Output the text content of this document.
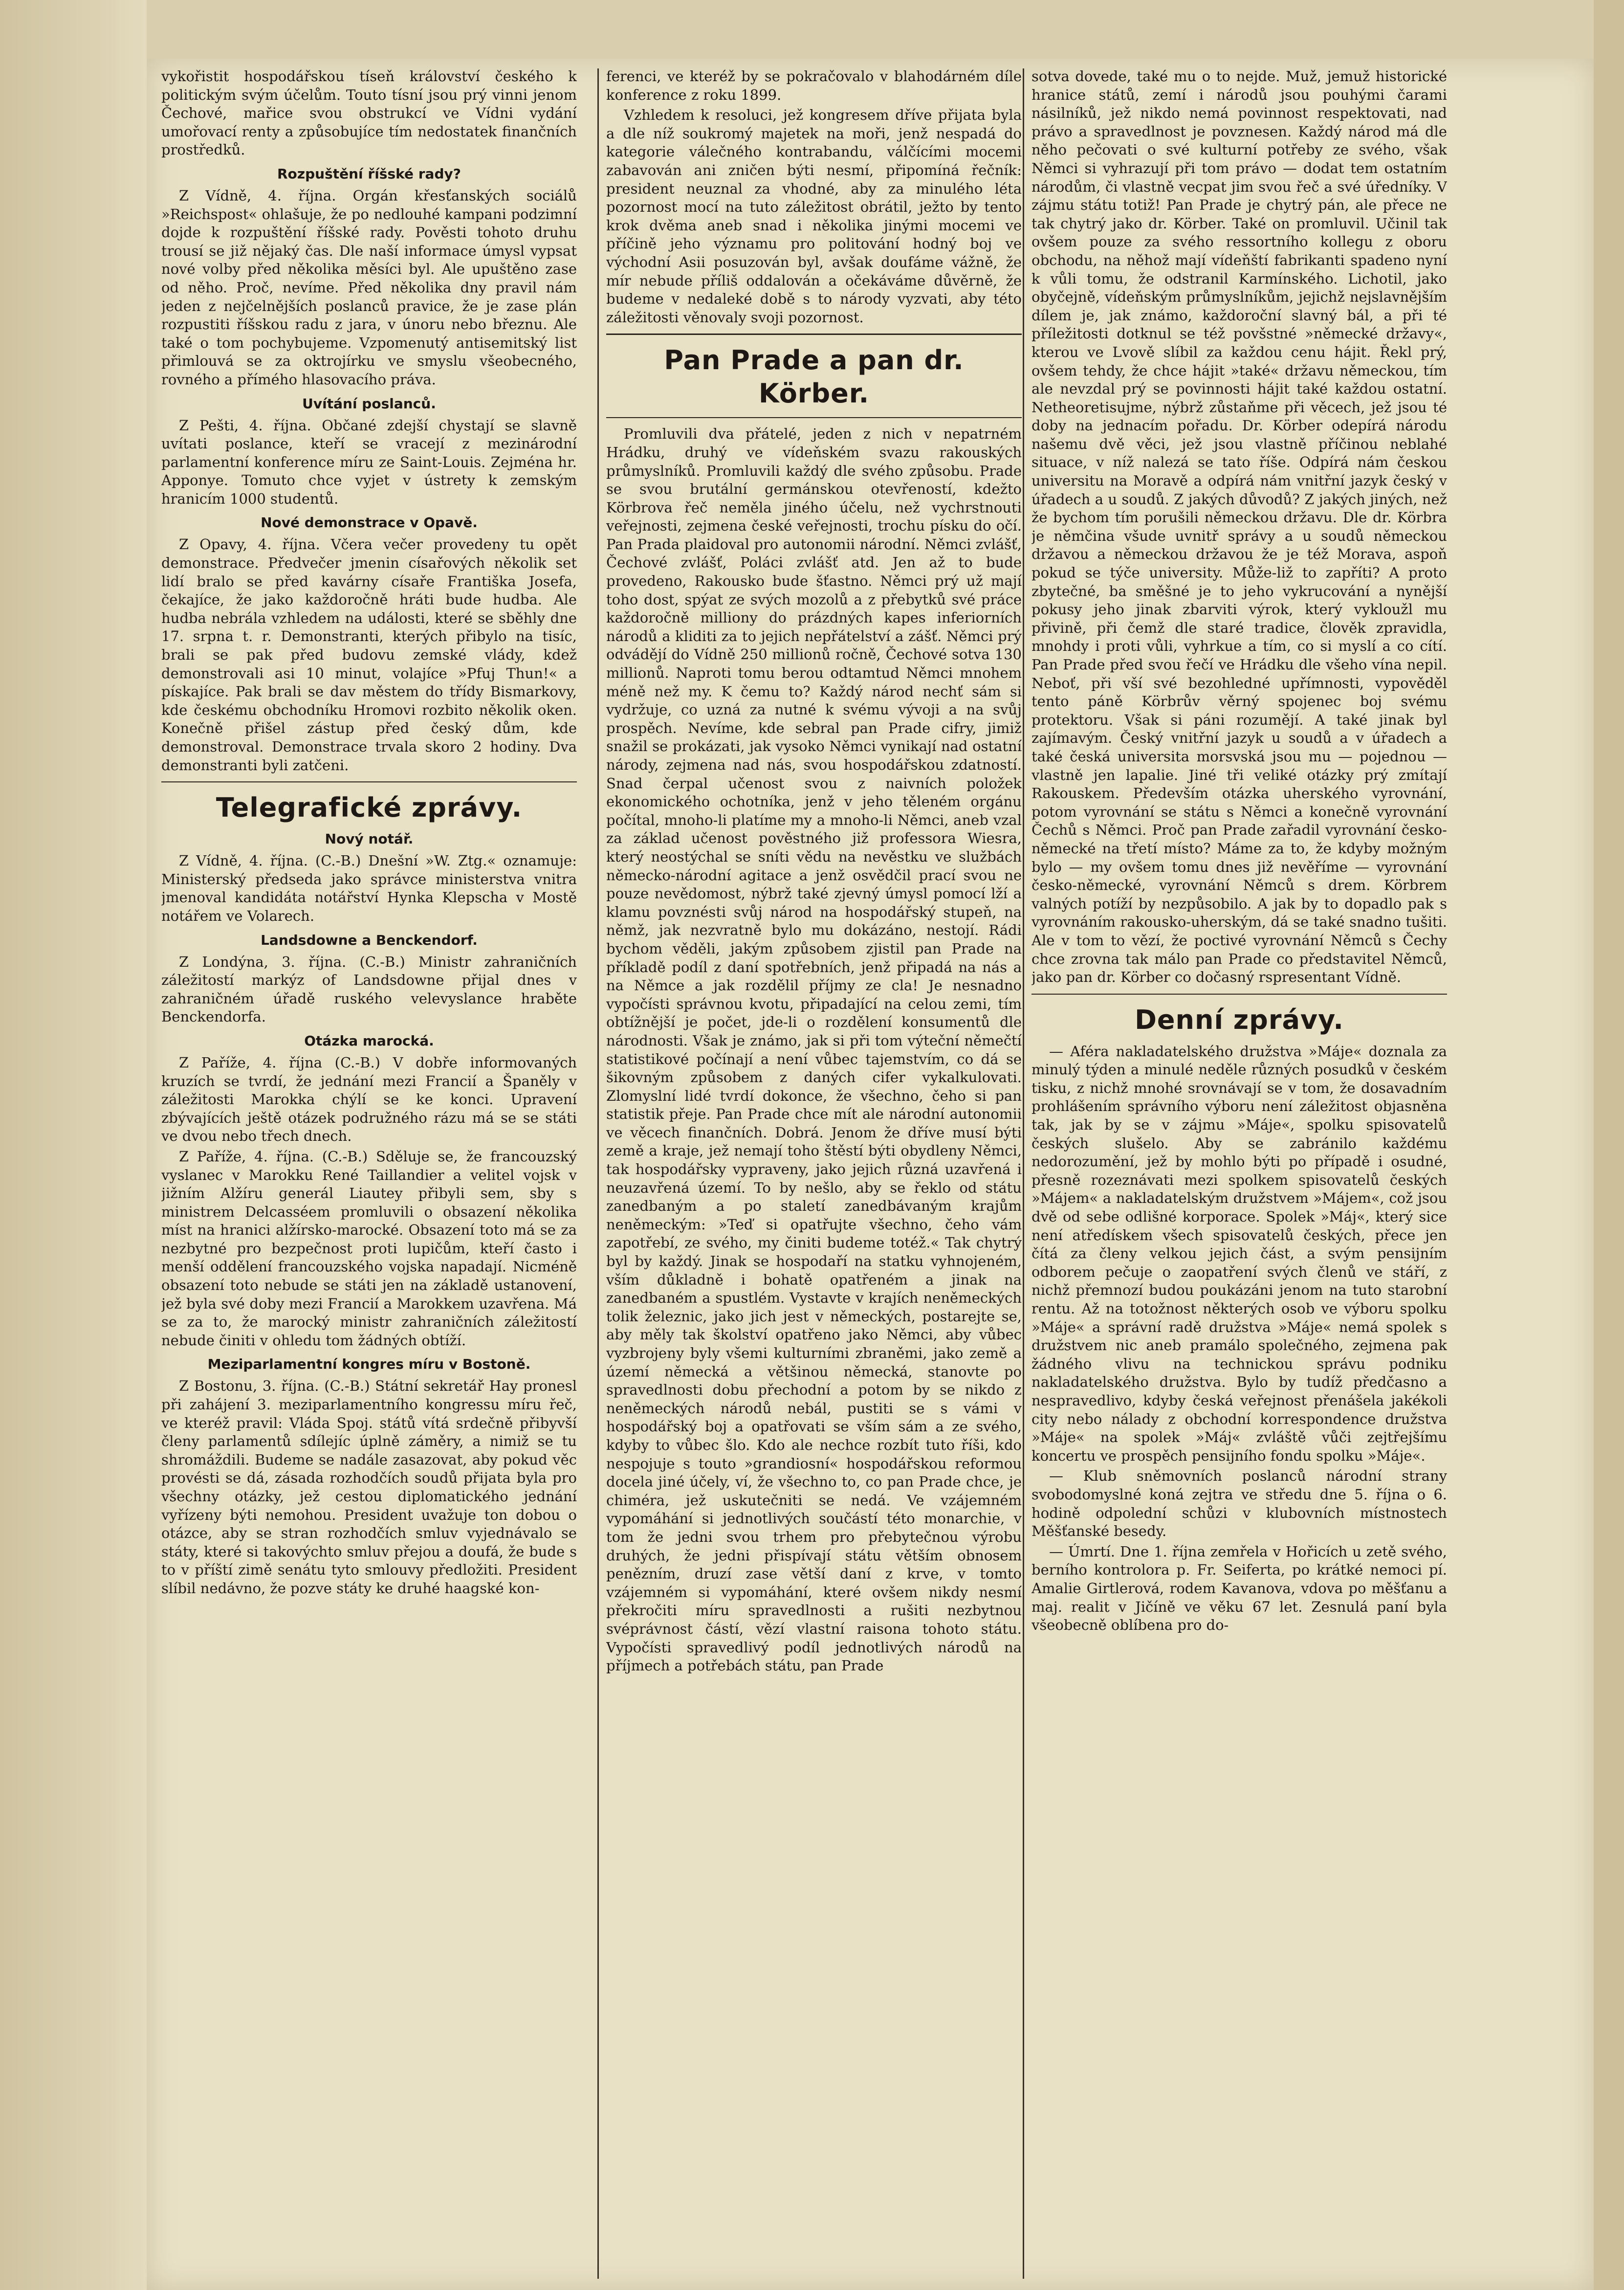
vykořistit hospodářskou tíseň království českého k politickým svým účelům. Touto tísní jsou prý vinni jenom Čechové, mařice svou obstrukcí ve Vídni vydání umořovací renty a způsobujíce tím nedostatek finančních prostředků.

Rozpuštění říšské rady?

Z Vídně, 4. října. Orgán křesťanských sociálů »Reichspost« ohlašuje, že po nedlouhé kampani podzimní dojde k rozpuštění říšské rady. Pověsti tohoto druhu trousí se již nějaký čas. Dle naší informace úmysl vypsat nové volby před několika měsíci byl. Ale upuštěno zase od něho. Proč, nevíme. Před několika dny pravil nám jeden z nejčelnějších poslanců pravice, že je zase plán rozpustiti říšskou radu z jara, v únoru nebo březnu. Ale také o tom pochybujeme. Vzpomenutý antisemitský list přimlouvá se za oktrojírku ve smyslu všeobecného, rovného a přímého hlasovacího práva.

Uvítání poslanců.

Z Pešti, 4. října. Občané zdejší chystají se slavně uvítati poslance, kteří se vracejí z mezinárodní parlamentní konference míru ze Saint-Louis. Zejména hr. Apponye. Tomuto chce vyjet v ústrety k zemským hranicím 1000 studentů.

Nové demonstrace v Opavě.

Z Opavy, 4. října. Včera večer provedeny tu opět demonstrace. Předvečer jmenin císařových několik set lidí bralo se před kavárny císaře Františka Josefa, čekajíce, že jako každoročně hráti bude hudba. Ale hudba nebrála vzhledem na události, které se sběhly dne 17. srpna t. r. Demonstranti, kterých přibylo na tisíc, brali se pak před budovu zemské vlády, kdež demonstrovali asi 10 minut, volajíce »Pfuj Thun!« a pískajíce. Pak brali se dav městem do třídy Bismarkovy, kde českému obchodníku Hromovi rozbito několik oken. Konečně přišel zástup před český dům, kde demonstroval. Demonstrace trvala skoro 2 hodiny. Dva demonstranti byli zatčeni.

Telegrafické zprávy.
Nový notář.

Z Vídně, 4. října. (C.-B.) Dnešní »W. Ztg.« oznamuje: Ministerský předseda jako správce ministerstva vnitra jmenoval kandidáta notářství Hynka Klepscha v Mostě notářem ve Volarech.

Landsdowne a Benckendorf.

Z Londýna, 3. října. (C.-B.) Ministr zahraničních záležitostí markýz of Landsdowne přijal dnes v zahraničném úřadě ruského velevyslance hraběte Benckendorfa.

Otázka marocká.

Z Paříže, 4. října (C.-B.) V dobře informovaných kruzích se tvrdí, že jednání mezi Francií a Španěly v záležitosti Marokka chýlí se ke konci. Upravení zbývajících ještě otázek podružného rázu má se se státi ve dvou nebo třech dnech.

Z Paříže, 4. října. (C.-B.) Sděluje se, že francouzský vyslanec v Marokku René Taillandier a velitel vojsk v jižním Alžíru generál Liautey přibyli sem, sby s ministrem Delcasséem promluvili o obsazení několika míst na hranici alžírsko-marocké. Obsazení toto má se za nezbytné pro bezpečnost proti lupičům, kteří často i menší oddělení francouzského vojska napadají. Nicméně obsazení toto nebude se státi jen na základě ustanovení, jež byla své doby mezi Francií a Marokkem uzavřena. Má se za to, že marocký ministr zahraničních záležitostí nebude činiti v ohledu tom žádných obtíží.

Meziparlamentní kongres míru v Bostoně.

Z Bostonu, 3. října. (C.-B.) Státní sekretář Hay pronesl při zahájení 3. meziparlamentního kongressu míru řeč, ve kteréž pravil: Vláda Spoj. států vítá srdečně přibyvší členy parlamentů sdílejíc úplně záměry, a nimiž se tu shromáždili. Budeme se nadále zasazovat, aby pokud věc provésti se dá, zásada rozhodčích soudů přijata byla pro všechny otázky, jež cestou diplomatického jednání vyřízeny býti nemohou. President uvažuje ton dobou o otázce, aby se stran rozhodčích smluv vyjednávalo se státy, které si takovýchto smluv přejou a doufá, že bude s to v příští zimě senátu tyto smlouvy předložiti. President slíbil nedávno, že pozve státy ke druhé haagské kon-

ferenci, ve kteréž by se pokračovalo v blahodárném díle konference z roku 1899.

Vzhledem k resoluci, jež kongresem dříve přijata byla a dle níž soukromý majetek na moři, jenž nespadá do kategorie válečného kontrabandu, válčícími mocemi zabavován ani zničen býti nesmí, připomíná řečník: president neuznal za vhodné, aby za minulého léta pozornost mocí na tuto záležitost obrátil, ježto by tento krok dvěma aneb snad i několika jinými mocemi ve příčině jeho významu pro politování hodný boj ve východní Asii posuzován byl, avšak doufáme vážně, že mír nebude příliš oddalován a očekáváme důvěrně, že budeme v nedaleké době s to národy vyzvati, aby této záležitosti věnovaly svoji pozornost.

Pan Prade a pan dr. Körber.

Promluvili dva přátelé, jeden z nich v nepatrném Hrádku, druhý ve vídeňském svazu rakouských průmyslníků. Promluvili každý dle svého způsobu. Prade se svou brutální germánskou otevřeností, kdežto Körbrova řeč neměla jiného účelu, než vychrstnouti veřejnosti, zejmena české veřejnosti, trochu písku do očí. Pan Prada plaidoval pro autonomii národní. Němci zvlášť, Čechové zvlášť, Poláci zvlášť atd. Jen až to bude provedeno, Rakousko bude šťastno. Němci prý už mají toho dost, spýat ze svých mozolů a z přebytků své práce každoročně milliony do prázdných kapes inferiorních národů a kliditi za to jejich nepřátelství a zášť. Němci prý odvádějí do Vídně 250 millionů ročně, Čechové sotva 130 millionů. Naproti tomu berou odtamtud Němci mnohem méně než my. K čemu to? Každý národ nechť sám si vydržuje, co uzná za nutné k svému vývoji a na svůj prospěch. Nevíme, kde sebral pan Prade cifry, jimiž snažil se prokázati, jak vysoko Němci vynikají nad ostatní národy, zejmena nad nás, svou hospodářskou zdatností. Snad čerpal učenost svou z naivních položek ekonomického ochotníka, jenž v jeho těleném orgánu počítal, mnoho-li platíme my a mnoho-li Němci, aneb vzal za základ učenost pověstného již professora Wiesra, který neostýchal se sníti vědu na nevěstku ve službách německo-národní agitace a jenž osvědčil prací svou ne pouze nevědomost, nýbrž také zjevný úmysl pomocí lží a klamu povznésti svůj národ na hospodářský stupeň, na němž, jak nezvratně bylo mu dokázáno, nestojí. Rádi bychom věděli, jakým způsobem zjistil pan Prade na příkladě podíl z daní spotřebních, jenž připadá na nás a na Němce a jak rozdělil příjmy ze cla! Je nesnadno vypočísti správnou kvotu, připadající na celou zemi, tím obtížnější je počet, jde-li o rozdělení konsumentů dle národnosti. Však je známo, jak si při tom výteční němečtí statistikové počínají a není vůbec tajemstvím, co dá se šikovným způsobem z daných cifer vykalkulovati. Zlomyslní lidé tvrdí dokonce, že všechno, čeho si pan statistik přeje. Pan Prade chce mít ale národní autonomii ve věcech finančních. Dobrá. Jenom že dříve musí býti země a kraje, jež nemají toho štěstí býti obydleny Němci, tak hospodářsky vypraveny, jako jejich různá uzavřená i neuzavřená území. To by nešlo, aby se řeklo od státu zanedbaným a po staletí zanedbávaným krajům neněmeckým: »Teď si opatřujte všechno, čeho vám zapotřebí, ze svého, my činiti budeme totéž.« Tak chytrý byl by každý. Jinak se hospodaří na statku vyhnojeném, vším důkladně i bohatě opatřeném a jinak na zanedbaném a spustlém. Vystavte v krajích neněmeckých tolik železnic, jako jich jest v německých, postarejte se, aby měly tak školství opatřeno jako Němci, aby vůbec vyzbrojeny byly všemi kulturními zbraněmi, jako země a území německá a většinou německá, stanovte po spravedlnosti dobu přechodní a potom by se nikdo z neněmeckých národů nebál, pustiti se s vámi v hospodářský boj a opatřovati se vším sám a ze svého, kdyby to vůbec šlo. Kdo ale nechce rozbít tuto říši, kdo nespojuje s touto »grandiosní« hospodářskou reformou docela jiné účely, ví, že všechno to, co pan Prade chce, je chiméra, jež uskutečniti se nedá. Ve vzájemném vypomáhání si jednotlivých součástí této monarchie, v tom že jedni svou trhem pro přebytečnou výrobu druhých, že jedni přispívají státu větším obnosem penězním, druzí zase větší daní z krve, v tomto vzájemném si vypomáhání, které ovšem nikdy nesmí překročiti míru spravedlnosti a rušiti nezbytnou svéprávnost částí, vězí vlastní raisona tohoto státu. Vypočísti spravedlivý podíl jednotlivých národů na příjmech a potřebách státu, pan Prade

sotva dovede, také mu o to nejde. Muž, jemuž historické hranice států, zemí i národů jsou pouhými čarami násilníků, jež nikdo nemá povinnost respektovati, nad právo a spravedlnost je povznesen. Každý národ má dle něho pečovati o své kulturní potřeby ze svého, však Němci si vyhrazují při tom právo — dodat tem ostatním národům, či vlastně vecpat jim svou řeč a své úředníky. V zájmu státu totiž! Pan Prade je chytrý pán, ale přece ne tak chytrý jako dr. Körber. Také on promluvil. Učinil tak ovšem pouze za svého ressortního kollegu z oboru obchodu, na něhož mají vídeňští fabrikanti spadeno nyní k vůli tomu, že odstranil Karmínského. Lichotil, jako obyčejně, vídeňským průmyslníkům, jejichž nejslavnějším dílem je, jak známo, každoroční slavný bál, a při té příležitosti dotknul se též povšstné »německé državy«, kterou ve Lvově slíbil za každou cenu hájit. Řekl prý, ovšem tehdy, že chce hájit »také« državu německou, tím ale nevzdal prý se povinnosti hájit také každou ostatní. Netheoretisujme, nýbrž zůstaňme při věcech, jež jsou té doby na jednacím pořadu. Dr. Körber odepírá národu našemu dvě věci, jež jsou vlastně příčinou neblahé situace, v níž nalezá se tato říše. Odpírá nám českou universitu na Moravě a odpírá nám vnitřní jazyk český v úřadech a u soudů. Z jakých důvodů? Z jakých jiných, než že bychom tím porušili německou državu. Dle dr. Körbra je němčina všude uvnitř správy a u soudů německou državou a německou državou že je též Morava, aspoň pokud se týče university. Může-liž to zapříti? A proto zbytečné, ba směšné je to jeho vykrucování a nynější pokusy jeho jinak zbarviti výrok, který vykloužl mu přivině, při čemž dle staré tradice, člověk zpravidla, mnohdy i proti vůli, vyhrkue a tím, co si myslí a co cítí. Pan Prade před svou řečí ve Hrádku dle všeho vína nepil. Neboť, při vší své bezohledné upřímnosti, vypověděl tento páně Körbrův věrný spojenec boj svému protektoru. Však si páni rozumějí. A také jinak byl zajímavým. Český vnitřní jazyk u soudů a v úřadech a také česká universita morsvská jsou mu — pojednou — vlastně jen lapalie. Jiné tři veliké otázky prý zmítají Rakouskem. Především otázka uherského vyrovnání, potom vyrovnání se státu s Němci a konečně vyrovnání Čechů s Němci. Proč pan Prade zařadil vyrovnání česko-německé na třetí místo? Máme za to, že kdyby možným bylo — my ovšem tomu dnes již nevěříme — vyrovnání česko-německé, vyrovnání Němců s drem. Körbrem valných potíží by nezpůsobilo. A jak by to dopadlo pak s vyrovnáním rakousko-uherským, dá se také snadno tušiti. Ale v tom to vězí, že poctivé vyrovnání Němců s Čechy chce zrovna tak málo pan Prade co představitel Němců, jako pan dr. Körber co dočasný rspresentant Vídně.

Denní zprávy.

— Aféra nakladatelského družstva »Máje« doznala za minulý týden a minulé neděle různých posudků v českém tisku, z nichž mnohé srovnávají se v tom, že dosavadním prohlášením správního výboru není záležitost objasněna tak, jak by se v zájmu »Máje«, spolku spisovatelů českých slušelo. Aby se zabránilo každému nedorozumění, jež by mohlo býti po případě i osudné, přesně rozeznávati mezi spolkem spisovatelů českých »Májem« a nakladatelským družstvem »Májem«, což jsou dvě od sebe odlišné korporace. Spolek »Máj«, který sice není atředískem všech spisovatelů českých, přece jen čítá za členy velkou jejich část, a svým pensijním odborem pečuje o zaopatření svých členů ve stáří, z nichž přemnozí budou poukázáni jenom na tuto starobní rentu. Až na totožnost některých osob ve výboru spolku »Máje« a správní radě družstva »Máje« nemá spolek s družstvem nic aneb pramálo společného, zejmena pak žádného vlivu na technickou správu podniku nakladatelského družstva. Bylo by tudíž předčasno a nespravedlivo, kdyby česká veřejnost přenášela jakékoli city nebo nálady z obchodní korrespondence družstva »Máje« na spolek »Máj« zvláště vůči zejtřejšímu koncertu ve prospěch pensijního fondu spolku »Máje«.

— Klub sněmovních poslanců národní strany svobodomyslné koná zejtra ve středu dne 5. října o 6. hodině odpolední schůzi v klubovních místnostech Měšťanské besedy.

— Úmrtí. Dne 1. října zemřela v Hořicích u zetě svého, berního kontrolora p. Fr. Seiferta, po krátké nemoci pí. Amalie Girtlerová, rodem Kavanova, vdova po měšťanu a maj. realit v Jičíně ve věku 67 let. Zesnulá paní byla všeobecně oblíbena pro do-
